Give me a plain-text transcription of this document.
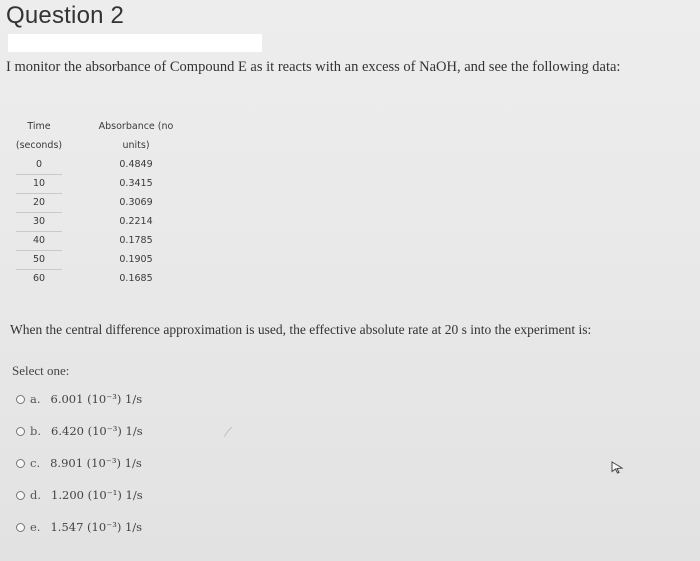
Question 2
I monitor the absorbance of Compound E as it reacts with an excess of NaOH, and see the following data:
Time
(seconds)
0
10
20
30
40
50
60
Absorbance (no
units)
0.4849
0.3415
0.3069
0.2214
0.1785
0.1905
0.1685
When the central difference approximation is used, the effective absolute rate at 20 s into the experiment is:
Select one:
a. 6.001 (10⁻³) 1/s
b. 6.420 (10⁻³) 1/s
c. 8.901 (10⁻³) 1/s
d. 1.200 (10⁻¹) 1/s
e. 1.547 (10⁻³) 1/s
